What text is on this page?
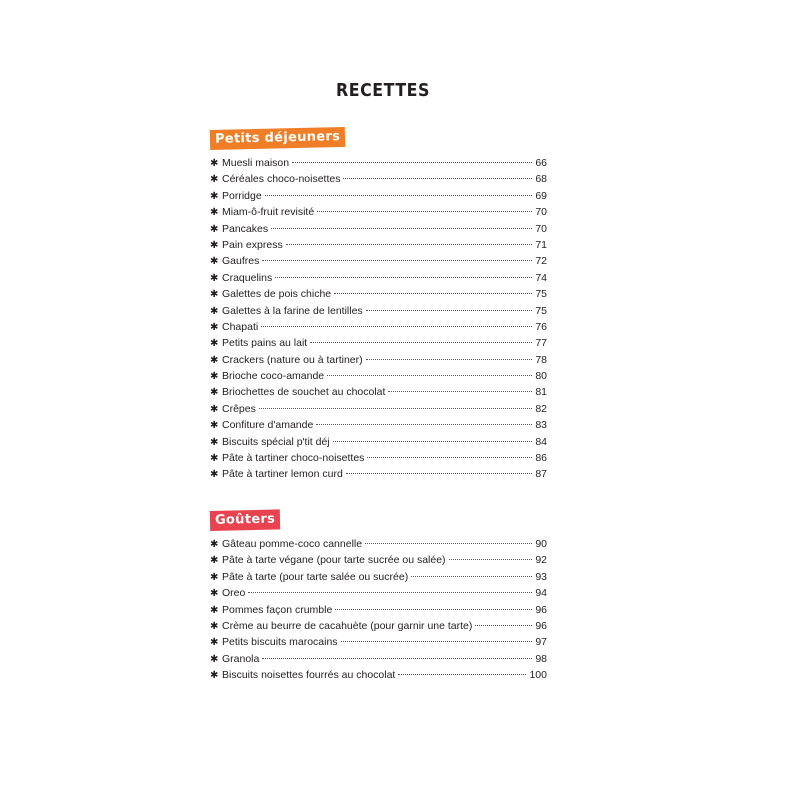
RECETTES
Petits déjeuners
✱ Muesli maison	66
✱ Céréales choco-noisettes	68
✱ Porridge	69
✱ Miam-ô-fruit revisité	70
✱ Pancakes	70
✱ Pain express	71
✱ Gaufres	72
✱ Craquelins	74
✱ Galettes de pois chiche	75
✱ Galettes à la farine de lentilles	75
✱ Chapati	76
✱ Petits pains au lait	77
✱ Crackers (nature ou à tartiner)	78
✱ Brioche coco-amande	80
✱ Briochettes de souchet au chocolat	81
✱ Crêpes	82
✱ Confiture d'amande	83
✱ Biscuits spécial p'tit déj	84
✱ Pâte à tartiner choco-noisettes	86
✱ Pâte à tartiner lemon curd	87
Goûters
✱ Gâteau pomme-coco cannelle	90
✱ Pâte à tarte végane (pour tarte sucrée ou salée)	92
✱ Pâte à tarte (pour tarte salée ou sucrée)	93
✱ Oreo	94
✱ Pommes façon crumble	96
✱ Crème au beurre de cacahuète (pour garnir une tarte)	96
✱ Petits biscuits marocains	97
✱ Granola	98
✱ Biscuits noisettes fourrés au chocolat	100
